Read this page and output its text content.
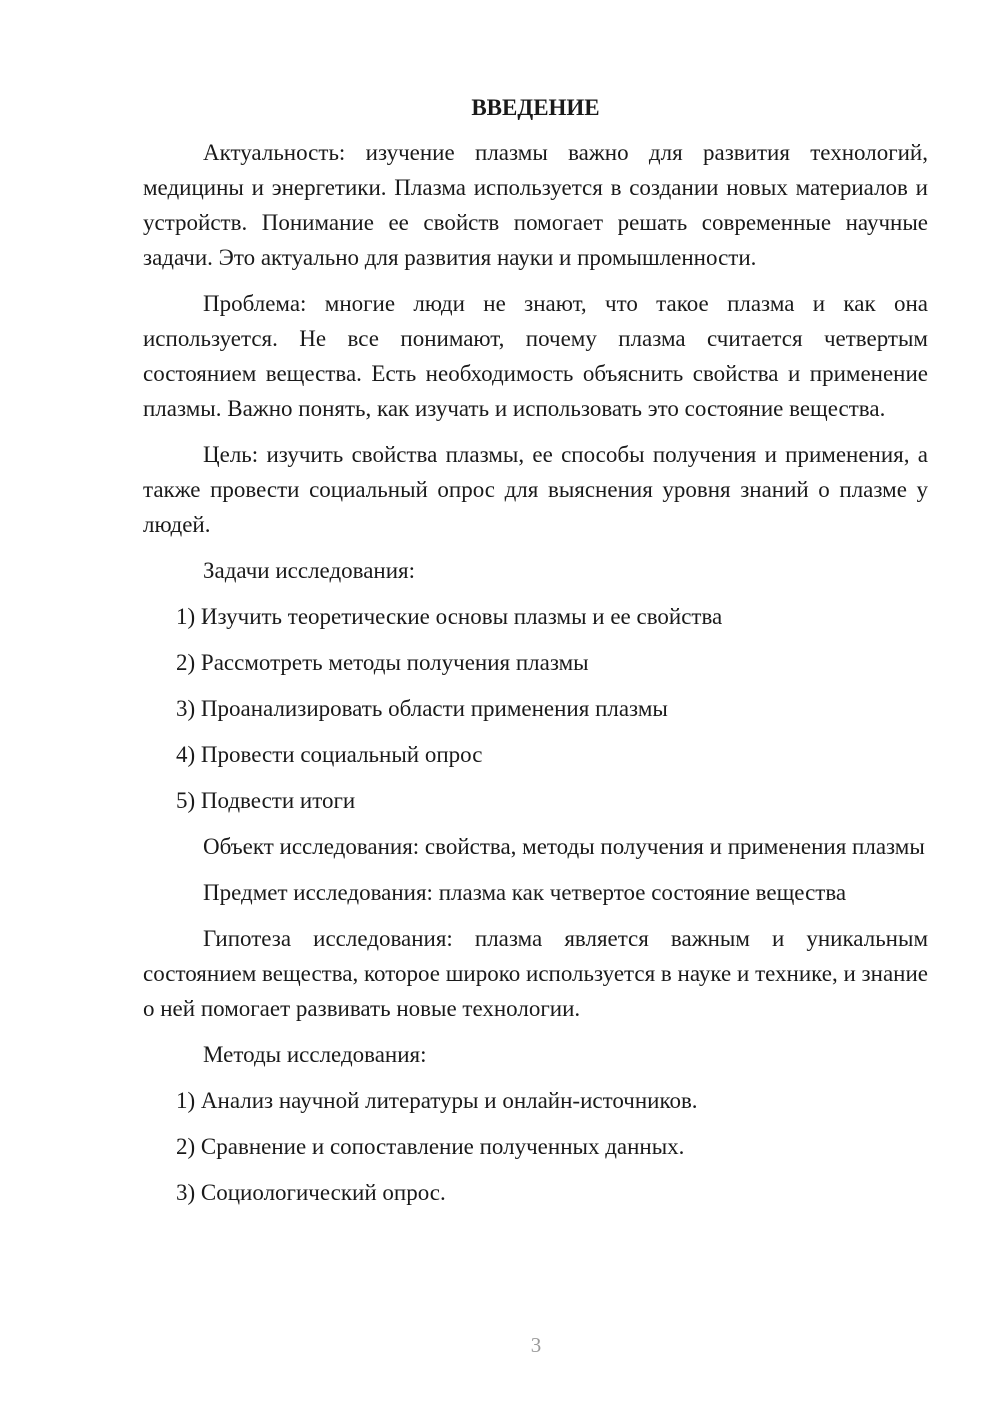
ВВЕДЕНИЕ

Актуальность: изучение плазмы важно для развития технологий, медицины и энергетики. Плазма используется в создании новых материалов и устройств. Понимание ее свойств помогает решать современные научные задачи. Это актуально для развития науки и промышленности.

Проблема: многие люди не знают, что такое плазма и как она используется. Не все понимают, почему плазма считается четвертым состоянием вещества. Есть необходимость объяснить свойства и применение плазмы. Важно понять, как изучать и использовать это состояние вещества.

Цель: изучить свойства плазмы, ее способы получения и применения, а также провести социальный опрос для выяснения уровня знаний о плазме у людей.

Задачи исследования:

1) Изучить теоретические основы плазмы и ее свойства
2) Рассмотреть методы получения плазмы
3) Проанализировать области применения плазмы
4) Провести социальный опрос
5) Подвести итоги

Объект исследования: свойства, методы получения и применения плазмы

Предмет исследования: плазма как четвертое состояние вещества

Гипотеза исследования: плазма является важным и уникальным состоянием вещества, которое широко используется в науке и технике, и знание о ней помогает развивать новые технологии.

Методы исследования:

1) Анализ научной литературы и онлайн-источников.
2) Сравнение и сопоставление полученных данных.
3) Социологический опрос.
3
